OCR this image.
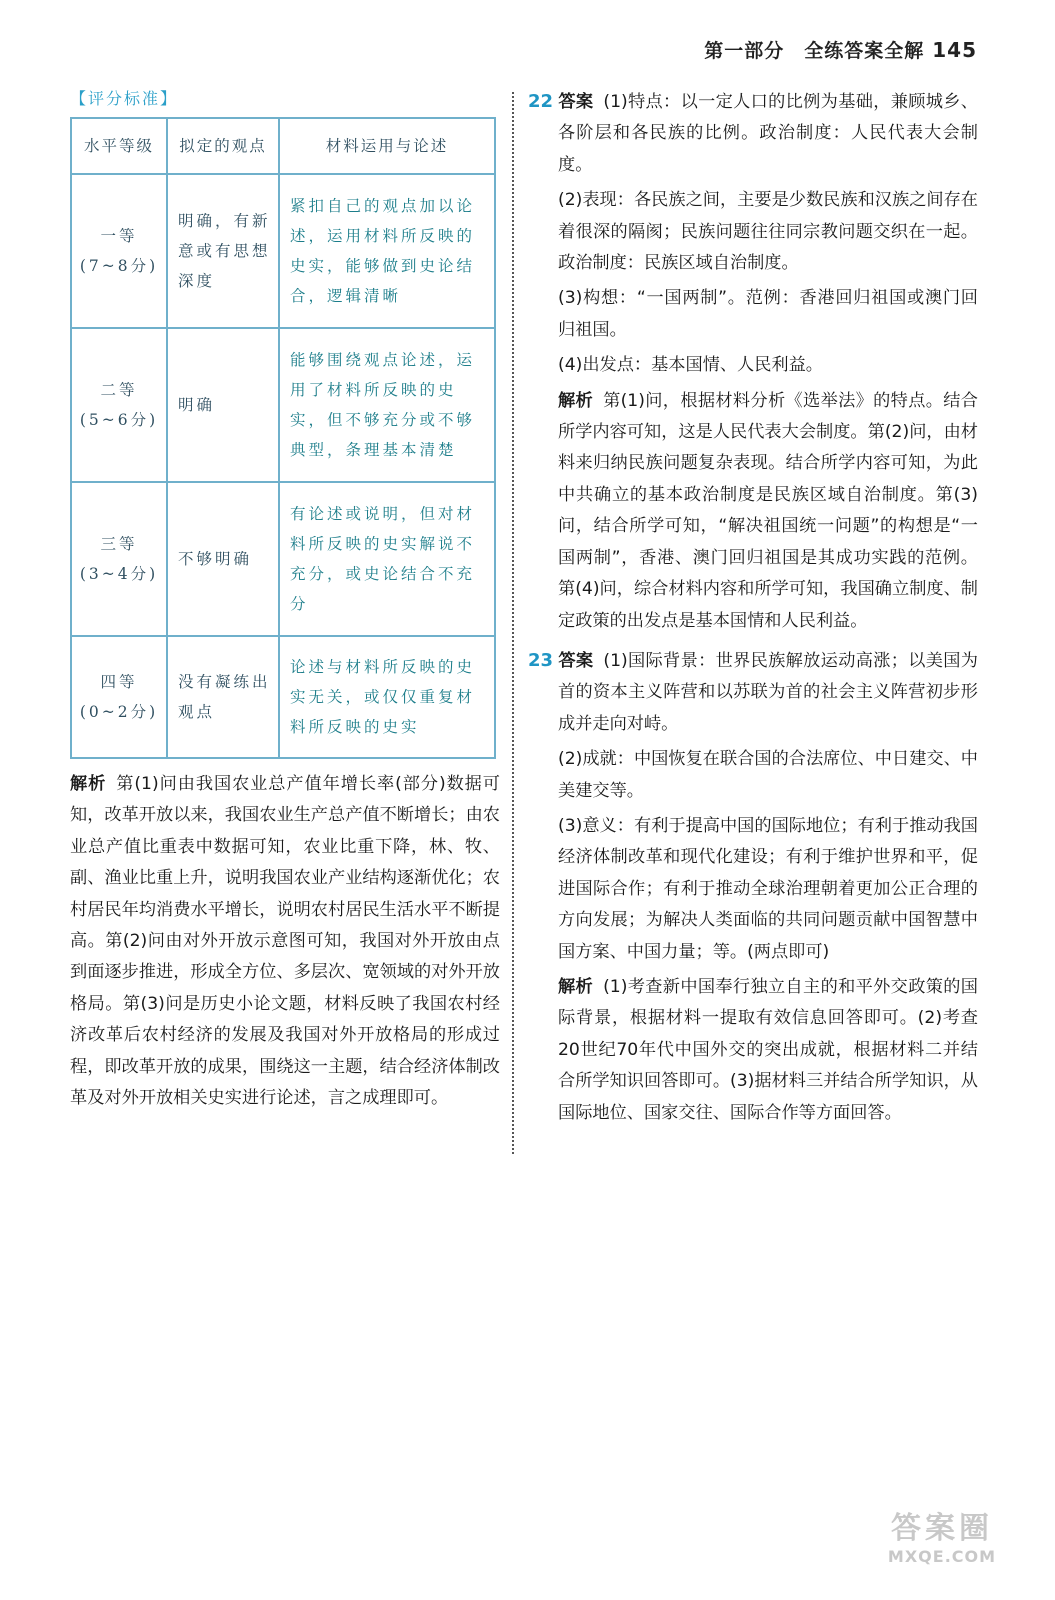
第一部分　全练答案全解 145
【评分标准】
水平等级	拟定的观点	材料运用与论述

一等
(7~8分)	明确，有新意或有思想深度	紧扣自己的观点加以论述，运用材料所反映的史实，能够做到史论结合，逻辑清晰

二等
(5~6分)	明确	能够围绕观点论述，运用了材料所反映的史实，但不够充分或不够典型，条理基本清楚

三等
(3~4分)	不够明确	有论述或说明，但对材料所反映的史实解说不充分，或史论结合不充分

四等
(0~2分)	没有凝练出观点	论述与材料所反映的史实无关，或仅仅重复材料所反映的史实

解析 第(1)问由我国农业总产值年增长率(部分)数据可知，改革开放以来，我国农业生产总产值不断增长；由农业总产值比重表中数据可知，农业比重下降，林、牧、副、渔业比重上升，说明我国农业产业结构逐渐优化；农村居民年均消费水平增长，说明农村居民生活水平不断提高。第(2)问由对外开放示意图可知，我国对外开放由点到面逐步推进，形成全方位、多层次、宽领域的对外开放格局。第(3)问是历史小论文题，材料反映了我国农村经济改革后农村经济的发展及我国对外开放格局的形成过程，即改革开放的成果，围绕这一主题，结合经济体制改革及对外开放相关史实进行论述，言之成理即可。

22 答案 (1)特点：以一定人口的比例为基础，兼顾城乡、各阶层和各民族的比例。政治制度：人民代表大会制度。

(2)表现：各民族之间，主要是少数民族和汉族之间存在着很深的隔阂；民族问题往往同宗教问题交织在一起。政治制度：民族区域自治制度。

(3)构想：“一国两制”。范例：香港回归祖国或澳门回归祖国。

(4)出发点：基本国情、人民利益。

解析 第(1)问，根据材料分析《选举法》的特点。结合所学内容可知，这是人民代表大会制度。第(2)问，由材料来归纳民族问题复杂表现。结合所学内容可知，为此中共确立的基本政治制度是民族区域自治制度。第(3)问，结合所学可知，“解决祖国统一问题”的构想是“一国两制”，香港、澳门回归祖国是其成功实践的范例。第(4)问，综合材料内容和所学可知，我国确立制度、制定政策的出发点是基本国情和人民利益。

23 答案 (1)国际背景：世界民族解放运动高涨；以美国为首的资本主义阵营和以苏联为首的社会主义阵营初步形成并走向对峙。

(2)成就：中国恢复在联合国的合法席位、中日建交、中美建交等。

(3)意义：有利于提高中国的国际地位；有利于推动我国经济体制改革和现代化建设；有利于维护世界和平，促进国际合作；有利于推动全球治理朝着更加公正合理的方向发展；为解决人类面临的共同问题贡献中国智慧中国方案、中国力量；等。(两点即可)

解析 (1)考查新中国奉行独立自主的和平外交政策的国际背景，根据材料一提取有效信息回答即可。(2)考查20世纪70年代中国外交的突出成就，根据材料二并结合所学知识回答即可。(3)据材料三并结合所学知识，从国际地位、国家交往、国际合作等方面回答。

答案圈
MXQE.COM
